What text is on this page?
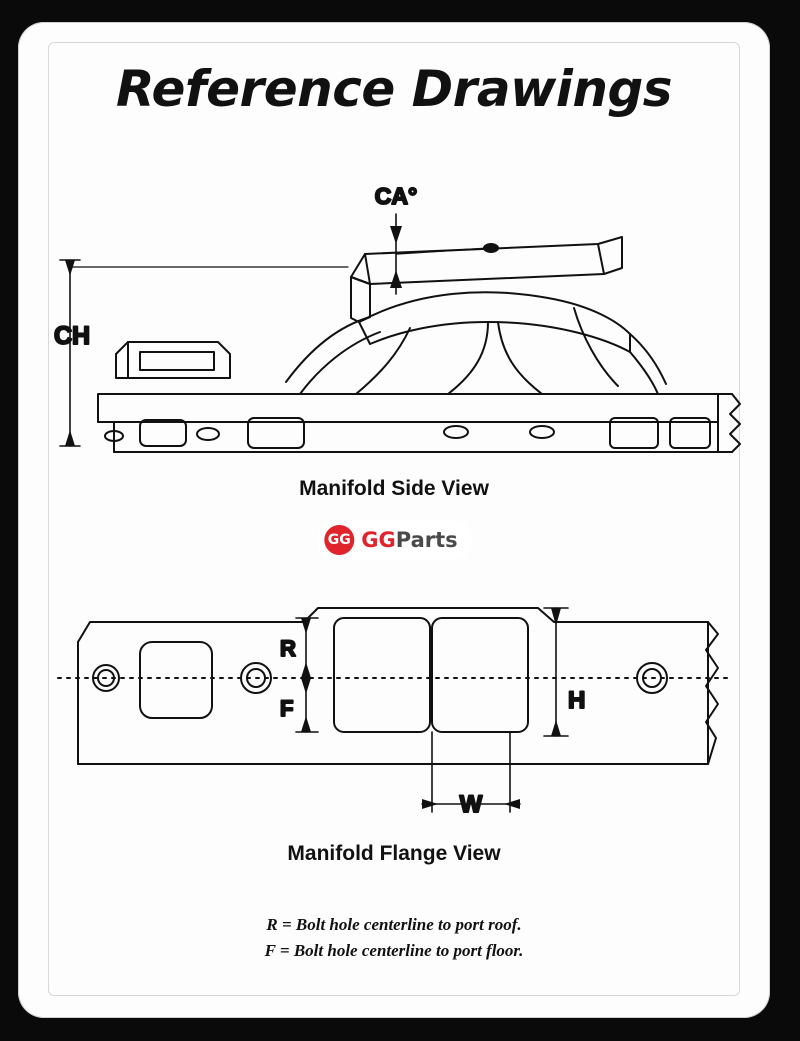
Reference Drawings
CH
CA°
R
F	H
W
Manifold Side View
Manifold Flange View
R = Bolt hole centerline to port roof.
F = Bolt hole centerline to port floor.
GG GGParts
